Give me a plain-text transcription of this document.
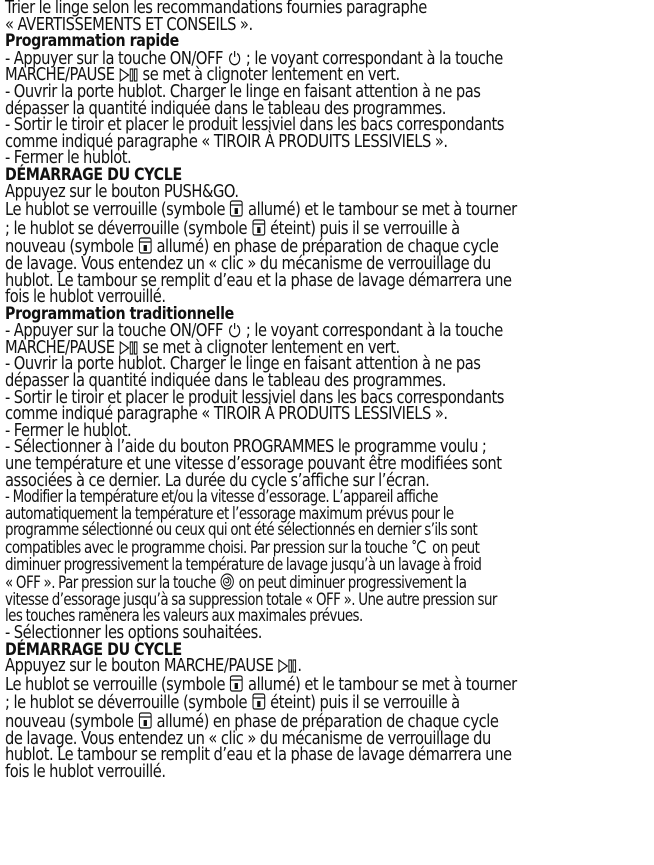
Trier le linge selon les recommandations fournies paragraphe
« AVERTISSEMENTS ET CONSEILS ».
Programmation rapide
- Appuyer sur la touche ON/OFF ; le voyant correspondant à la touche
MARCHE/PAUSE se met à clignoter lentement en vert.
- Ouvrir la porte hublot. Charger le linge en faisant attention à ne pas
dépasser la quantité indiquée dans le tableau des programmes.
- Sortir le tiroir et placer le produit lessiviel dans les bacs correspondants
comme indiqué paragraphe « TIROIR À PRODUITS LESSIVIELS ».
- Fermer le hublot.
DÉMARRAGE DU CYCLE
Appuyez sur le bouton PUSH&GO.
Le hublot se verrouille (symbole allumé) et le tambour se met à tourner
; le hublot se déverrouille (symbole éteint) puis il se verrouille à
nouveau (symbole allumé) en phase de préparation de chaque cycle
de lavage. Vous entendez un « clic » du mécanisme de verrouillage du
hublot. Le tambour se remplit d’eau et la phase de lavage démarrera une
fois le hublot verrouillé.
Programmation traditionnelle
- Appuyer sur la touche ON/OFF ; le voyant correspondant à la touche
MARCHE/PAUSE se met à clignoter lentement en vert.
- Ouvrir la porte hublot. Charger le linge en faisant attention à ne pas
dépasser la quantité indiquée dans le tableau des programmes.
- Sortir le tiroir et placer le produit lessiviel dans les bacs correspondants
comme indiqué paragraphe « TIROIR À PRODUITS LESSIVIELS ».
- Fermer le hublot.
- Sélectionner à l’aide du bouton PROGRAMMES le programme voulu ;
une température et une vitesse d’essorage pouvant être modifiées sont
associées à ce dernier. La durée du cycle s’affiche sur l’écran.
- Modifier la température et/ou la vitesse d’essorage. L’appareil affiche
automatiquement la température et l’essorage maximum prévus pour le
programme sélectionné ou ceux qui ont été sélectionnés en dernier s’ils sont
compatibles avec le programme choisi. Par pression sur la touche on peut
diminuer progressivement la température de lavage jusqu’à un lavage à froid
« OFF ». Par pression sur la touche on peut diminuer progressivement la
vitesse d’essorage jusqu’à sa suppression totale « OFF ». Une autre pression sur
les touches ramènera les valeurs aux maximales prévues.
- Sélectionner les options souhaitées.
DÉMARRAGE DU CYCLE
Appuyez sur le bouton MARCHE/PAUSE .
Le hublot se verrouille (symbole allumé) et le tambour se met à tourner
; le hublot se déverrouille (symbole éteint) puis il se verrouille à
nouveau (symbole allumé) en phase de préparation de chaque cycle
de lavage. Vous entendez un « clic » du mécanisme de verrouillage du
hublot. Le tambour se remplit d’eau et la phase de lavage démarrera une
fois le hublot verrouillé.
